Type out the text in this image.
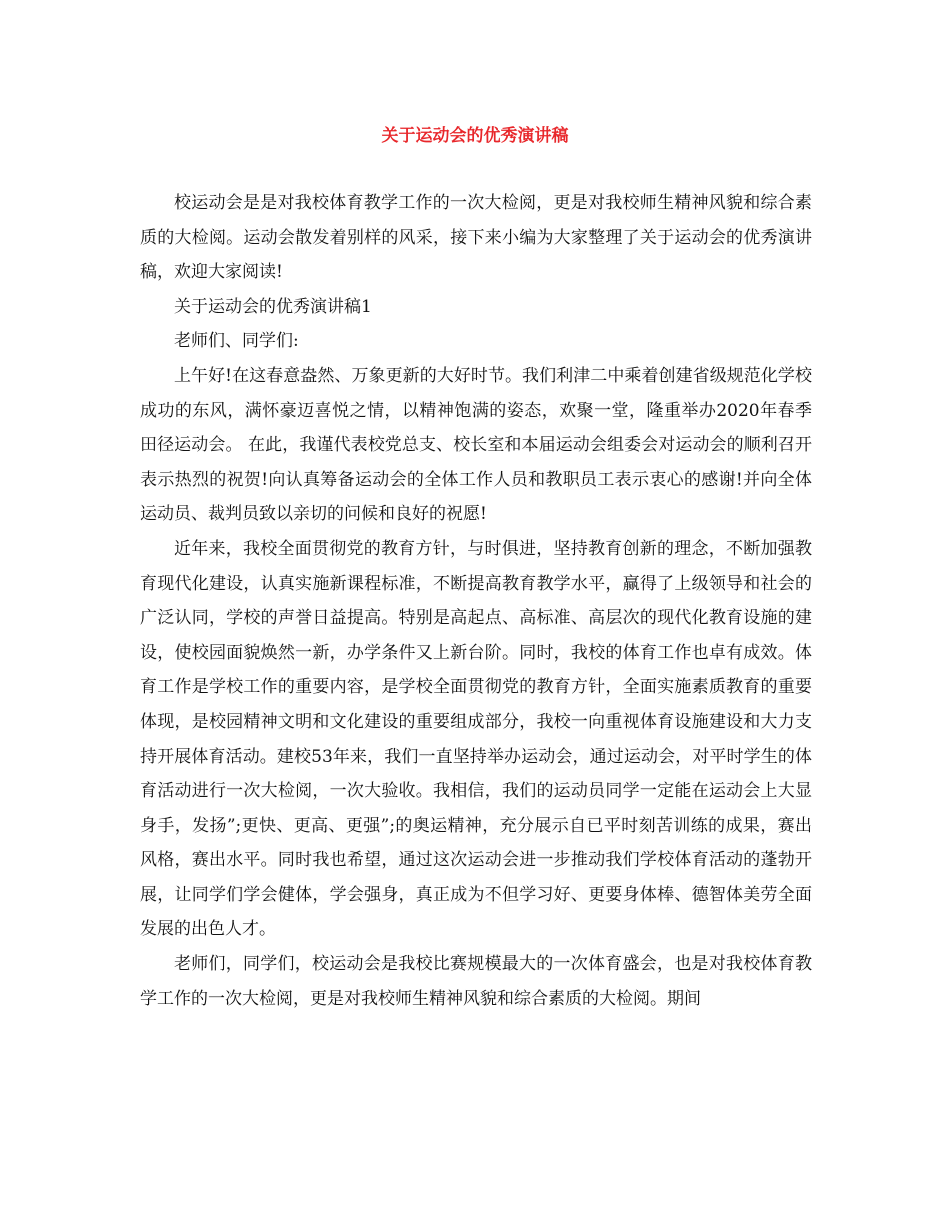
关于运动会的优秀演讲稿

校运动会是是对我校体育教学工作的一次大检阅，更是对我校师生精神风貌和综合素质的大检阅。运动会散发着别样的风采，接下来小编为大家整理了关于运动会的优秀演讲稿，欢迎大家阅读!

关于运动会的优秀演讲稿1

老师们、同学们:

上午好!在这春意盎然、万象更新的大好时节。我们利津二中乘着创建省级规范化学校成功的东风，满怀豪迈喜悦之情，以精神饱满的姿态，欢聚一堂，隆重举办2020年春季田径运动会。 在此，我谨代表校党总支、校长室和本届运动会组委会对运动会的顺利召开表示热烈的祝贺!向认真筹备运动会的全体工作人员和教职员工表示衷心的感谢!并向全体运动员、裁判员致以亲切的问候和良好的祝愿!

近年来，我校全面贯彻党的教育方针，与时俱进，坚持教育创新的理念，不断加强教育现代化建设，认真实施新课程标准，不断提高教育教学水平，赢得了上级领导和社会的广泛认同，学校的声誉日益提高。特别是高起点、高标准、高层次的现代化教育设施的建设，使校园面貌焕然一新，办学条件又上新台阶。同时，我校的体育工作也卓有成效。体育工作是学校工作的重要内容，是学校全面贯彻党的教育方针，全面实施素质教育的重要体现，是校园精神文明和文化建设的重要组成部分，我校一向重视体育设施建设和大力支持开展体育活动。建校53年来，我们一直坚持举办运动会，通过运动会，对平时学生的体育活动进行一次大检阅，一次大验收。我相信，我们的运动员同学一定能在运动会上大显身手，发扬”;更快、更高、更强”;的奥运精神，充分展示自已平时刻苦训练的成果，赛出风格，赛出水平。同时我也希望，通过这次运动会进一步推动我们学校体育活动的蓬勃开展，让同学们学会健体，学会强身，真正成为不但学习好、更要身体棒、德智体美劳全面发展的出色人才。

老师们，同学们，校运动会是我校比赛规模最大的一次体育盛会，也是对我校体育教学工作的一次大检阅，更是对我校师生精神风貌和综合素质的大检阅。期间
